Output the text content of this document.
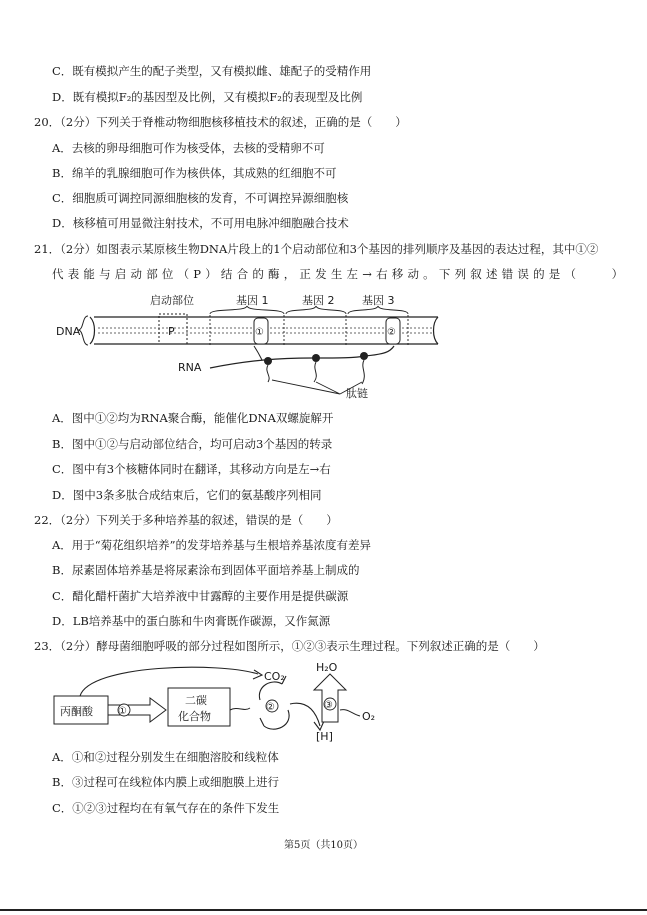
C．既有模拟产生的配子类型，又有模拟雌、雄配子的受精作用
D．既有模拟F₂的基因型及比例，又有模拟F₂的表现型及比例
20．（2分）下列关于脊椎动物细胞核移植技术的叙述，正确的是（　　）
A．去核的卵母细胞可作为核受体，去核的受精卵不可
B．绵羊的乳腺细胞可作为核供体，其成熟的红细胞不可
C．细胞质可调控同源细胞核的发育，不可调控异源细胞核
D．核移植可用显微注射技术，不可用电脉冲细胞融合技术
21．（2分）如图表示某原核生物DNA片段上的1个启动部位和3个基因的排列顺序及基因的表达过程，其中①②
代表能与启动部位（P）结合的酶，正发生左→右移动。下列叙述错误的是（　　）
DNA
启动部位
P
基因 1	基因 2	基因 3
①	②
RNA
肽链
A．图中①②均为RNA聚合酶，能催化DNA双螺旋解开
B．图中①②与启动部位结合，均可启动3个基因的转录
C．图中有3个核糖体同时在翻译，其移动方向是左→右
D．图中3条多肽合成结束后，它们的氨基酸序列相同
22．（2分）下列关于多种培养基的叙述，错误的是（　　）
A．用于“菊花组织培养”的发芽培养基与生根培养基浓度有差异
B．尿素固体培养基是将尿素涂布到固体平面培养基上制成的
C．醋化醋杆菌扩大培养液中甘露醇的主要作用是提供碳源
D．LB培养基中的蛋白胨和牛肉膏既作碳源，又作氮源
23．（2分）酵母菌细胞呼吸的部分过程如图所示，①②③表示生理过程。下列叙述正确的是（　　）
丙酮酸	①
二碳
化合物
CO₂
②
[H]
③
H₂O
O₂
A．①和②过程分别发生在细胞溶胶和线粒体
B．③过程可在线粒体内膜上或细胞膜上进行
C．①②③过程均在有氧气存在的条件下发生
第5页（共10页）
